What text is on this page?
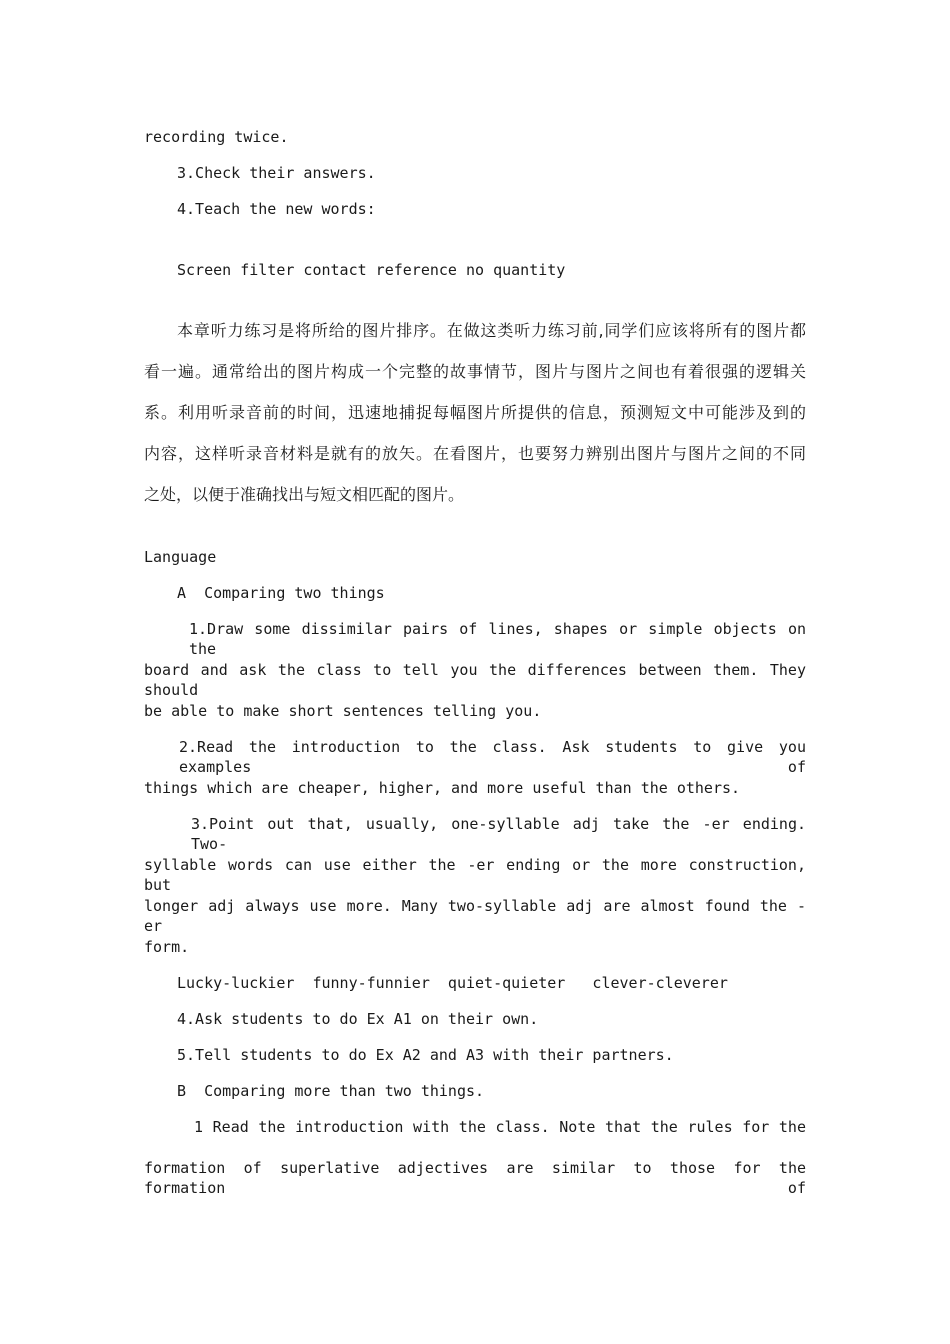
recording twice.
3.Check their answers.
4.Teach the new words:
Screen filter contact reference no quantity
本章听力练习是将所给的图片排序。在做这类听力练习前,同学们应该将所有的图片都
看一遍。通常给出的图片构成一个完整的故事情节，图片与图片之间也有着很强的逻辑关
系。利用听录音前的时间，迅速地捕捉每幅图片所提供的信息，预测短文中可能涉及到的
内容，这样听录音材料是就有的放矢。在看图片，也要努力辨别出图片与图片之间的不同
之处，以便于准确找出与短文相匹配的图片。
Language
A  Comparing two things
1.Draw some dissimilar pairs of lines, shapes or simple objects on the
board and ask the class to tell you the differences between them. They should
be able to make short sentences telling you.
2.Read the introduction to the class. Ask students to give you examples of
things which are cheaper, higher, and more useful than the others.
3.Point out that, usually, one-syllable adj take the -er ending. Two-
syllable words can use either the -er ending or the more construction, but
longer adj always use more. Many two-syllable adj are almost found the -er
form.
Lucky-luckier  funny-funnier  quiet-quieter   clever-cleverer
4.Ask students to do Ex A1 on their own.
5.Tell students to do Ex A2 and A3 with their partners.
B  Comparing more than two things.
1 Read the introduction with the class. Note that the rules for the
formation of superlative adjectives are similar to those for the formation of
